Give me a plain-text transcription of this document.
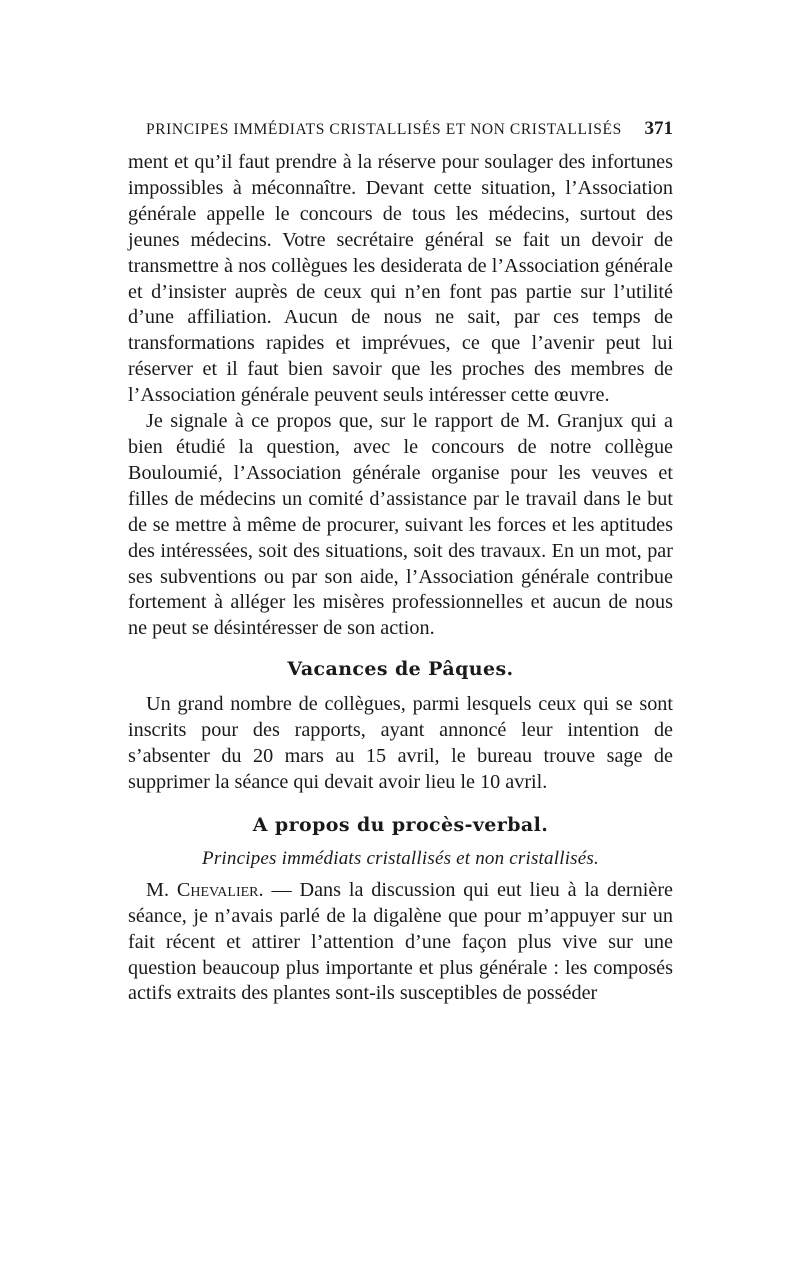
PRINCIPES IMMÉDIATS CRISTALLISÉS ET NON CRISTALLISÉS 371

ment et qu’il faut prendre à la réserve pour soulager des infortunes impossibles à méconnaître. Devant cette situation, l’Association générale appelle le concours de tous les médecins, surtout des jeunes médecins. Votre secrétaire général se fait un devoir de transmettre à nos collègues les desiderata de l’Association générale et d’insister auprès de ceux qui n’en font pas partie sur l’utilité d’une affiliation. Aucun de nous ne sait, par ces temps de transformations rapides et imprévues, ce que l’avenir peut lui réserver et il faut bien savoir que les proches des membres de l’Association générale peuvent seuls intéresser cette œuvre.

Je signale à ce propos que, sur le rapport de M. Granjux qui a bien étudié la question, avec le concours de notre collègue Bouloumié, l’Association générale organise pour les veuves et filles de médecins un comité d’assistance par le travail dans le but de se mettre à même de procurer, suivant les forces et les aptitudes des intéressées, soit des situations, soit des travaux. En un mot, par ses subventions ou par son aide, l’Association générale contribue fortement à alléger les misères professionnelles et aucun de nous ne peut se désintéresser de son action.

Vacances de Pâques.

Un grand nombre de collègues, parmi lesquels ceux qui se sont inscrits pour des rapports, ayant annoncé leur intention de s’absenter du 20 mars au 15 avril, le bureau trouve sage de supprimer la séance qui devait avoir lieu le 10 avril.

A propos du procès-verbal.

Principes immédiats cristallisés et non cristallisés.

M. Chevalier. — Dans la discussion qui eut lieu à la dernière séance, je n’avais parlé de la digalène que pour m’appuyer sur un fait récent et attirer l’attention d’une façon plus vive sur une question beaucoup plus importante et plus générale : les composés actifs extraits des plantes sont-ils susceptibles de posséder
